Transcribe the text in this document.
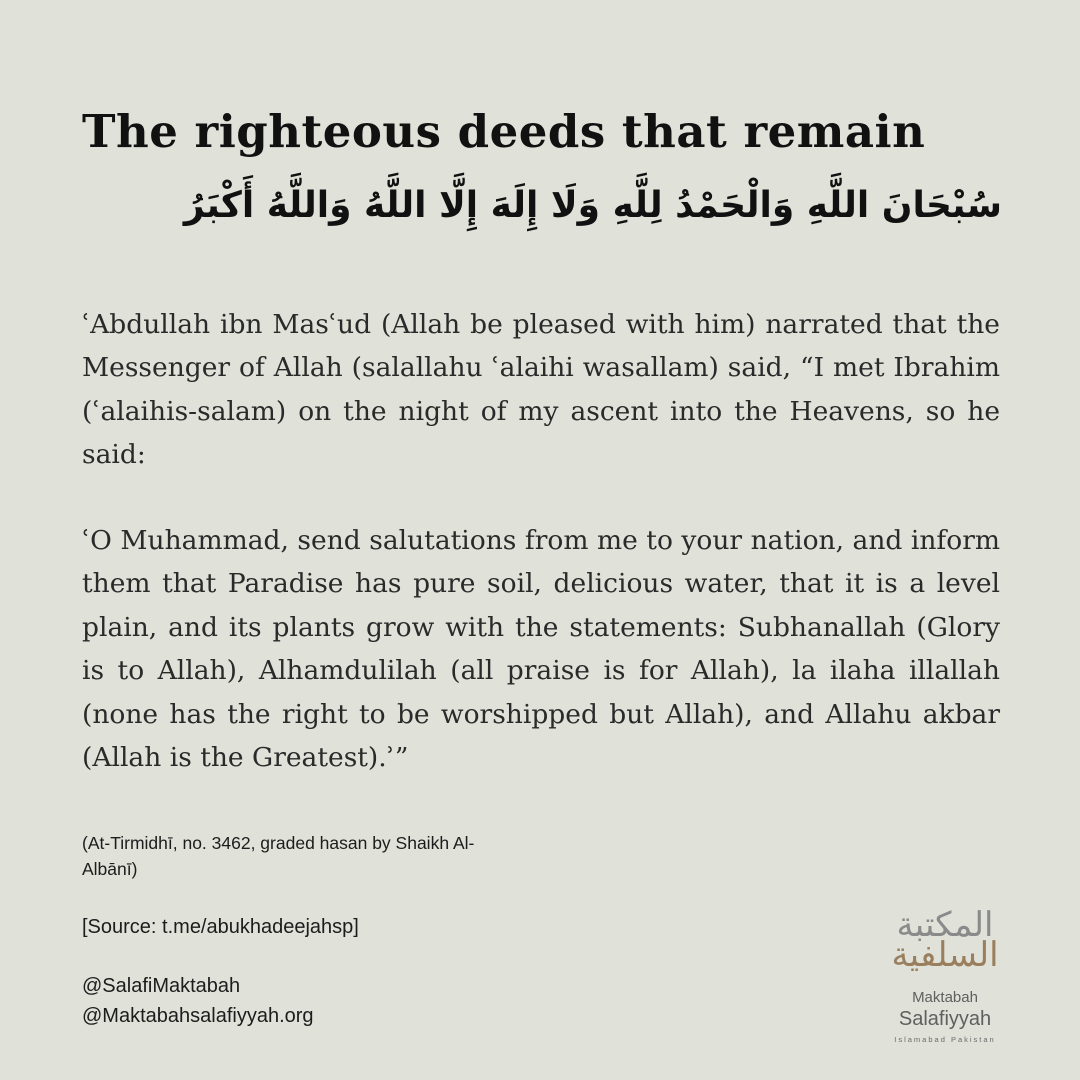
The righteous deeds that remain
سُبْحَانَ اللَّهِ وَالْحَمْدُ لِلَّهِ وَلَا إِلَهَ إِلَّا اللَّهُ وَاللَّهُ أَكْبَرُ

ʿAbdullah ibn Masʿud (Allah be pleased with him) narrated that the Messenger of Allah (salallahu ʿalaihi wasallam) said, “I met Ibrahim (ʿalaihis-salam) on the night of my ascent into the Heavens, so he said:

ʿO Muhammad, send salutations from me to your nation, and inform them that Paradise has pure soil, delicious water, that it is a level plain, and its plants grow with the statements: Subhanallah (Glory is to Allah), Alhamdulilah (all praise is for Allah), la ilaha illallah (none has the right to be worshipped but Allah), and Allahu akbar (Allah is the Greatest).ʾ”

(At-Tirmidhī, no. 3462, graded hasan by Shaikh Al-Albānī)
[Source: t.me/abukhadeejahsp]
@SalafiMaktabah
@Maktabahsalafiyyah.org
المكتبة
السلفية
Maktabah
Salafiyyah
Islamabad Pakistan
